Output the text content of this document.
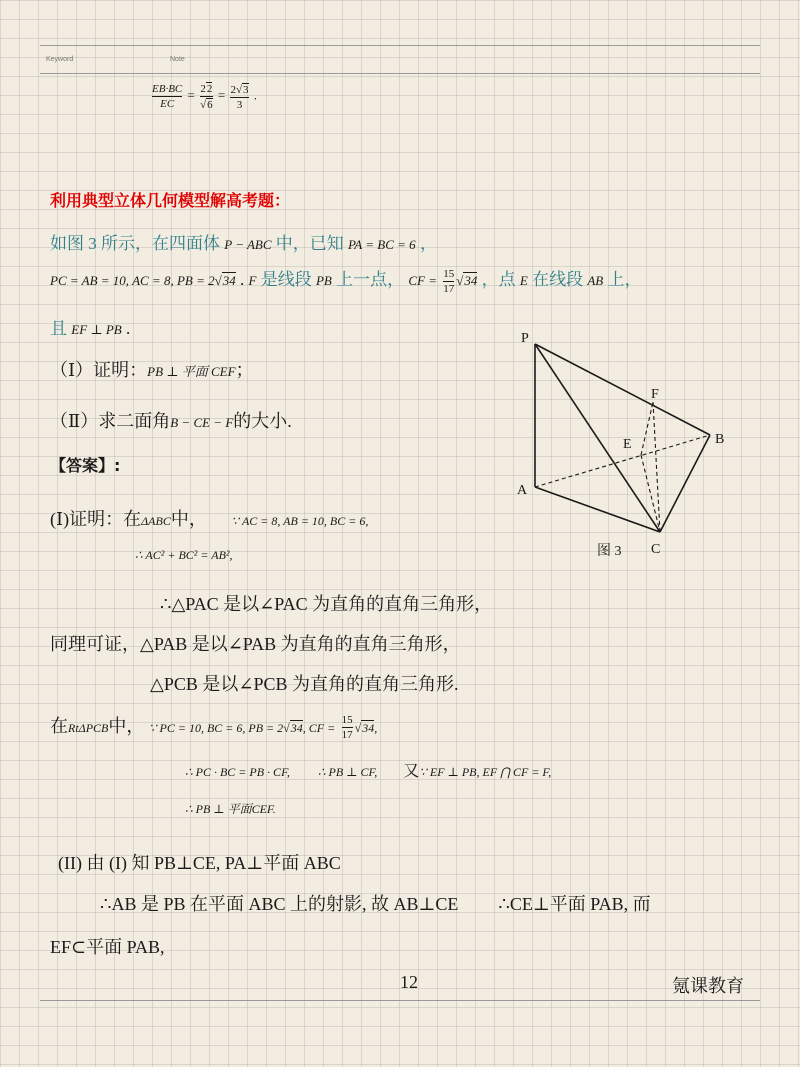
Keyword	Note
$\frac{EB\cdot BC}{EC} = \frac{22}{√6} = \frac{2√3}{3}$ .
利用典型立体几何模型解高考题：
如图 3 所示，在四面体 P − ABC 中，已知 PA = BC = 6 ，
PC = AB = 10, AC = 8, PB = 2√34 . F 是线段 PB 上一点， CF = $\frac{15}{17} √34$ ，点 E 在线段 AB 上，
且 EF ⊥ PB .
（Ⅰ）证明：PB ⊥ 平面 CEF；
（Ⅱ）求二面角B − CE − F的大小.
【答案】:
P
F
E	B
A
C
图 3
(Ⅰ)证明：在ΔABC中， ∵ AC = 8, AB = 10, BC = 6,
∴ AC² + BC² = AB²,
∴△PAC 是以∠PAC 为直角的直角三角形，
同理可证，△PAB 是以∠PAB 为直角的直角三角形，
△PCB 是以∠PCB 为直角的直角三角形.
在RtΔPCB中， ∵ PC = 10, BC = 6, PB = 2√34, CF = $\frac{15}{17} √34$,
∴ PC · BC = PB · CF, ∴ PB ⊥ CF, 又∵ EF ⊥ PB, EF ⋂ CF = F,
∴ PB ⊥ 平面CEF.
(II) 由 (I) 知 PB⊥CE, PA⊥平面 ABC
∴AB 是 PB 在平面 ABC 上的射影, 故 AB⊥CE ∴CE⊥平面 PAB, 而
EF⊂平面 PAB,
12	氪课教育
